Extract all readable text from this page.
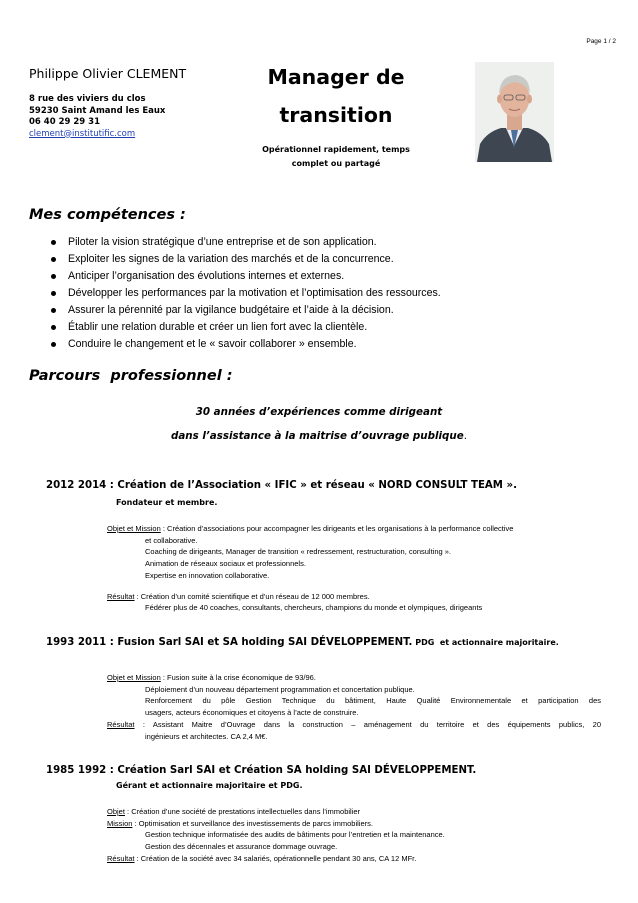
Page 1 / 2
Philippe Olivier CLEMENT
8 rue des viviers du clos
59230 Saint Amand les Eaux
06 40 29 29 31
clement@institutific.com
Manager de
transition
Opérationnel rapidement, temps
complet ou partagé
Mes compétences :
Piloter la vision stratégique d’une entreprise et de son application.
Exploiter les signes de la variation des marchés et de la concurrence.
Anticiper l’organisation des évolutions internes et externes.
Développer les performances par la motivation et l’optimisation des ressources.
Assurer la pérennité par la vigilance budgétaire et l’aide à la décision.
Établir une relation durable et créer un lien fort avec la clientèle.
Conduire le changement et le « savoir collaborer » ensemble.
Parcours  professionnel :
30 années d’expériences comme dirigeant
dans l’assistance à la maitrise d’ouvrage publique.
2012 2014 : Création de l’Association « IFIC » et réseau « NORD CONSULT TEAM ».
Fondateur et membre.
Objet et Mission : Création d’associations pour accompagner les dirigeants et les organisations à la performance collective
et collaborative.
Coaching de dirigeants, Manager de transition « redressement, restructuration, consulting ».
Animation de réseaux sociaux et professionnels.
Expertise en innovation collaborative.
Résultat : Création d’un comité scientifique et d’un réseau de 12 000 membres.
Fédérer plus de 40 coaches, consultants, chercheurs, champions du monde et olympiques, dirigeants
1993 2011 : Fusion Sarl SAI et SA holding SAI DÉVELOPPEMENT. PDG  et actionnaire majoritaire.
Objet et Mission : Fusion suite à la crise économique de 93/96.
Déploiement d’un nouveau département programmation et concertation publique.
Renforcement du pôle Gestion Technique du bâtiment, Haute Qualité Environnementale et participation des
usagers, acteurs économiques et citoyens à l’acte de construire.
Résultat : Assistant Maitre d’Ouvrage dans la construction – aménagement du territoire et des équipements publics, 20
ingénieurs et architectes. CA 2,4 M€.
1985 1992 : Création Sarl SAI et Création SA holding SAI DÉVELOPPEMENT.
Gérant et actionnaire majoritaire et PDG.
Objet : Création d’une société de prestations intellectuelles dans l’immobilier
Mission : Optimisation et surveillance des investissements de parcs immobiliers.
Gestion technique informatisée des audits de bâtiments pour l’entretien et la maintenance.
Gestion des décennales et assurance dommage ouvrage.
Résultat : Création de la société avec 34 salariés, opérationnelle pendant 30 ans, CA 12 MFr.
